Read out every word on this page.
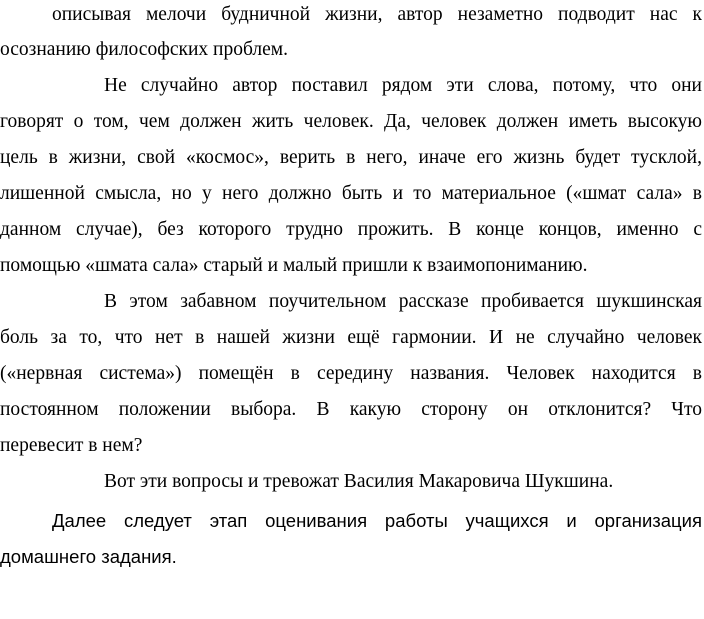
описывая мелочи будничной жизни, автор незаметно подводит нас к
осознанию философских проблем.
Не случайно автор поставил рядом эти слова, потому, что они
говорят о том, чем должен жить человек. Да, человек должен иметь высокую
цель в жизни, свой «космос», верить в него, иначе его жизнь будет тусклой,
лишенной смысла, но у него должно быть и то материальное («шмат сала» в
данном случае), без которого трудно прожить. В конце концов, именно с
помощью «шмата сала» старый и малый пришли к взаимопониманию.
В этом забавном поучительном рассказе пробивается шукшинская
боль за то, что нет в нашей жизни ещё гармонии. И не случайно человек
(«нервная система») помещён в середину названия. Человек находится в
постоянном положении выбора. В какую сторону он отклонится? Что
перевесит в нем?
Вот эти вопросы и тревожат Василия Макаровича Шукшина.
Далее следует этап оценивания работы учащихся и организация
домашнего задания.
